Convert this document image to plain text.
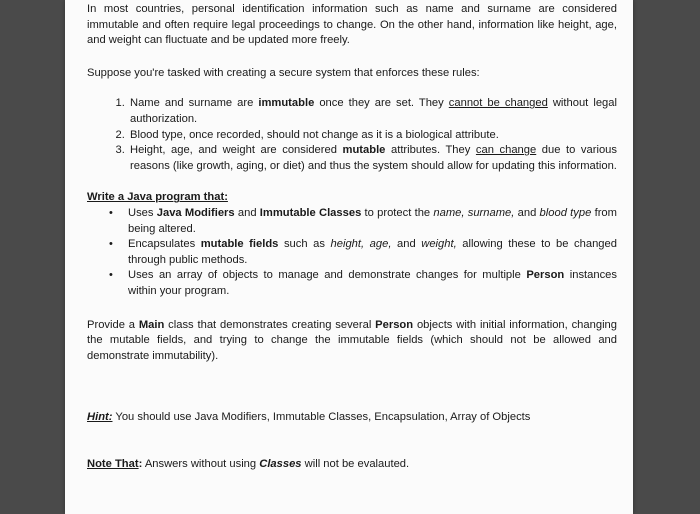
In most countries, personal identification information such as name and surname are considered immutable and often require legal proceedings to change. On the other hand, information like height, age, and weight can fluctuate and be updated more freely.

Suppose you're tasked with creating a secure system that enforces these rules:

1. Name and surname are immutable once they are set. They cannot be changed without legal authorization.
2. Blood type, once recorded, should not change as it is a biological attribute.
3. Height, age, and weight are considered mutable attributes. They can change due to various reasons (like growth, aging, or diet) and thus the system should allow for updating this information.

Write a Java program that:

• Uses Java Modifiers and Immutable Classes to protect the name, surname, and blood type from being altered.
• Encapsulates mutable fields such as height, age, and weight, allowing these to be changed through public methods.
• Uses an array of objects to manage and demonstrate changes for multiple Person instances within your program.

Provide a Main class that demonstrates creating several Person objects with initial information, changing the mutable fields, and trying to change the immutable fields (which should not be allowed and demonstrate immutability).

Hint: You should use Java Modifiers, Immutable Classes, Encapsulation, Array of Objects

Note That: Answers without using Classes will not be evalauted.
